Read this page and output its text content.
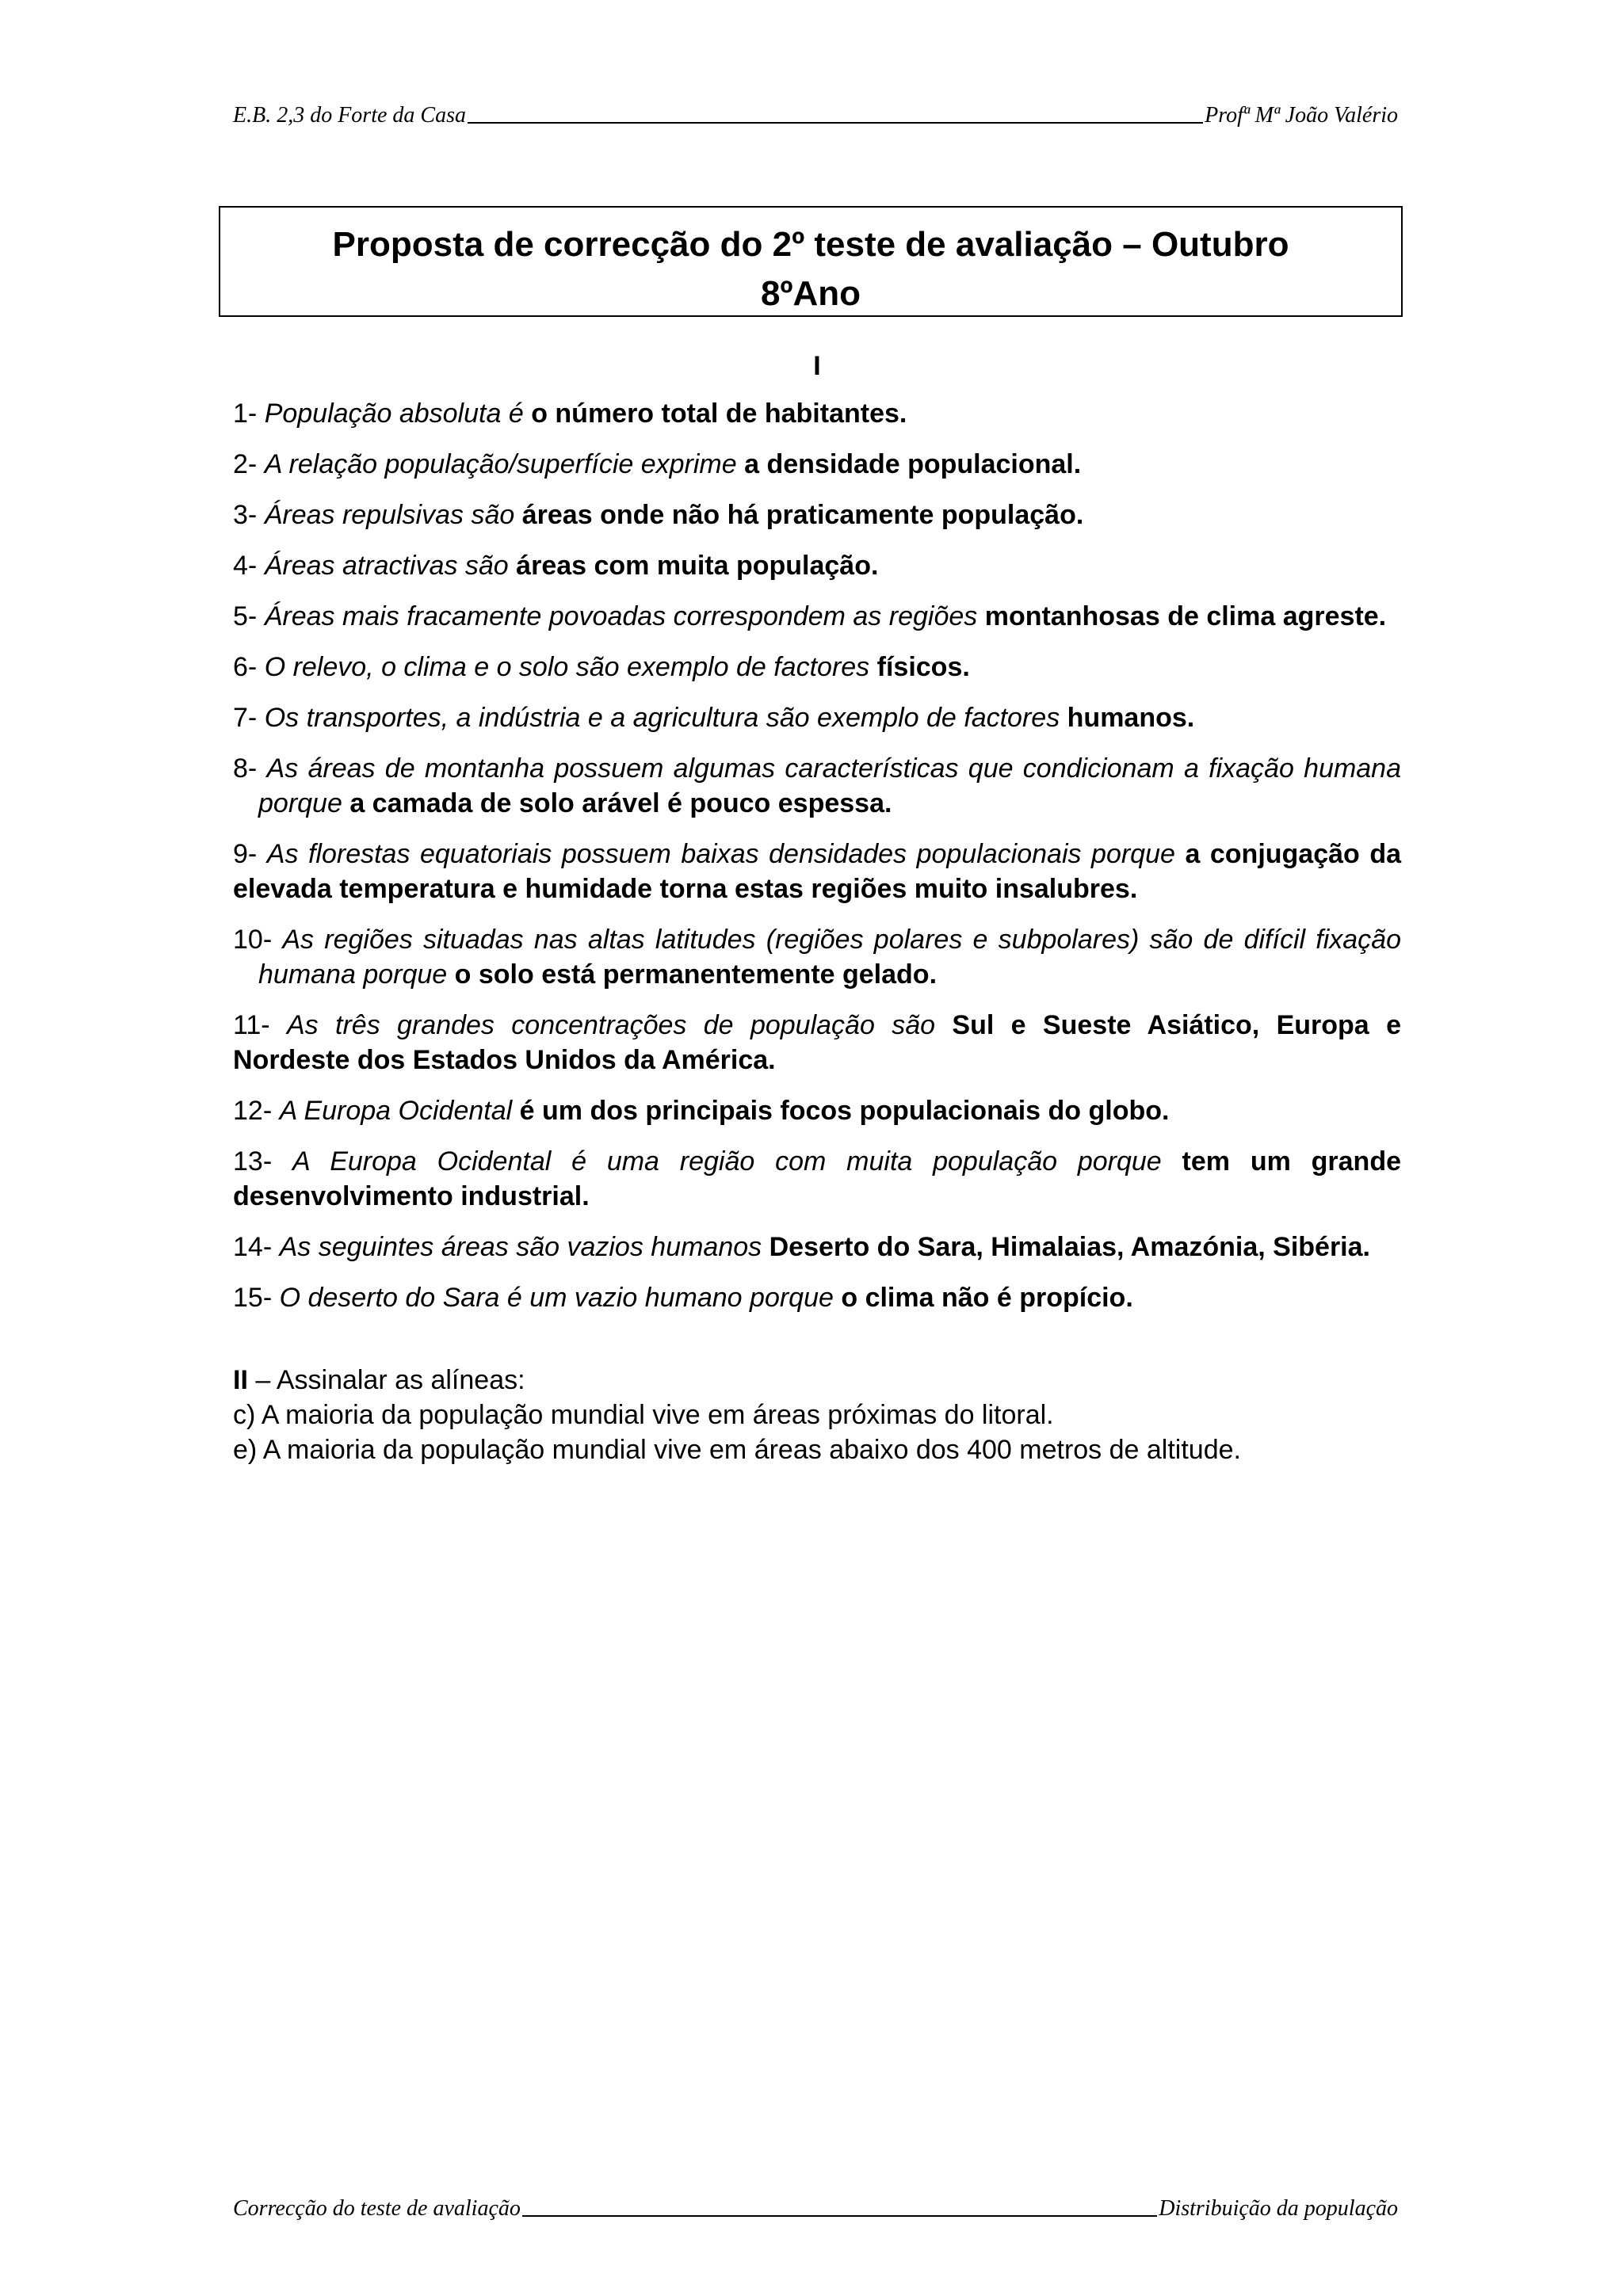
E.B. 2,3 do Forte da Casa	Profª Mª João Valério
Proposta de correcção do 2º teste de avaliação – Outubro
8ºAno
I
1- População absoluta é o número total de habitantes.
2- A relação população/superfície exprime a densidade populacional.
3- Áreas repulsivas são áreas onde não há praticamente população.
4- Áreas atractivas são áreas com muita população.
5- Áreas mais fracamente povoadas correspondem as regiões montanhosas de clima agreste.
6- O relevo, o clima e o solo são exemplo de factores físicos.
7- Os transportes, a indústria e a agricultura são exemplo de factores humanos.
8- As áreas de montanha possuem algumas características que condicionam a fixação humana porque a camada de solo arável é pouco espessa.
9- As florestas equatoriais possuem baixas densidades populacionais porque a conjugação da elevada temperatura e humidade torna estas regiões muito insalubres.
10- As regiões situadas nas altas latitudes (regiões polares e subpolares) são de difícil fixação humana porque o solo está permanentemente gelado.
11- As três grandes concentrações de população são Sul e Sueste Asiático, Europa e Nordeste dos Estados Unidos da América.
12- A Europa Ocidental é um dos principais focos populacionais do globo.
13- A Europa Ocidental é uma região com muita população porque tem um grande desenvolvimento industrial.
14- As seguintes áreas são vazios humanos Deserto do Sara, Himalaias, Amazónia, Sibéria.
15- O deserto do Sara é um vazio humano porque o clima não é propício.

II – Assinalar as alíneas:

c) A maioria da população mundial vive em áreas próximas do litoral.

e) A maioria da população mundial vive em áreas abaixo dos 400 metros de altitude.

Correcção do teste de avaliação	Distribuição da população
